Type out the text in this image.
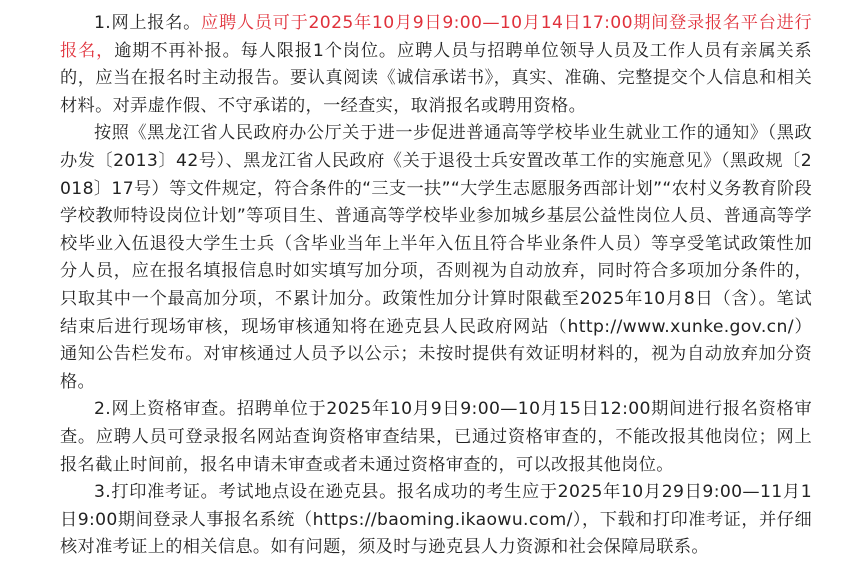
1.网上报名。应聘人员可于2025年10月9日9:00—10月14日17:00期间登录报名平台进行报名，逾期不再补报。每人限报1个岗位。应聘人员与招聘单位领导人员及工作人员有亲属关系的，应当在报名时主动报告。要认真阅读《诚信承诺书》，真实、准确、完整提交个人信息和相关材料。对弄虚作假、不守承诺的，一经查实，取消报名或聘用资格。

按照《黑龙江省人民政府办公厅关于进一步促进普通高等学校毕业生就业工作的通知》（黑政办发〔2013〕42号）、黑龙江省人民政府《关于退役士兵安置改革工作的实施意见》（黑政规〔2018〕17号）等文件规定，符合条件的“三支一扶”“大学生志愿服务西部计划”“农村义务教育阶段学校教师特设岗位计划”等项目生、普通高等学校毕业参加城乡基层公益性岗位人员、普通高等学校毕业入伍退役大学生士兵（含毕业当年上半年入伍且符合毕业条件人员）等享受笔试政策性加分人员，应在报名填报信息时如实填写加分项，否则视为自动放弃，同时符合多项加分条件的，只取其中一个最高加分项，不累计加分。政策性加分计算时限截至2025年10月8日（含）。笔试结束后进行现场审核，现场审核通知将在逊克县人民政府网站（http://www.xunke.gov.cn/）通知公告栏发布。对审核通过人员予以公示；未按时提供有效证明材料的，视为自动放弃加分资格。

2.网上资格审查。招聘单位于2025年10月9日9:00—10月15日12:00期间进行报名资格审查。应聘人员可登录报名网站查询资格审查结果，已通过资格审查的，不能改报其他岗位；网上报名截止时间前，报名申请未审查或者未通过资格审查的，可以改报其他岗位。

3.打印准考证。考试地点设在逊克县。报名成功的考生应于2025年10月29日9:00—11月1日9:00期间登录人事报名系统（https://baoming.ikaowu.com/），下载和打印准考证，并仔细核对准考证上的相关信息。如有问题，须及时与逊克县人力资源和社会保障局联系。
